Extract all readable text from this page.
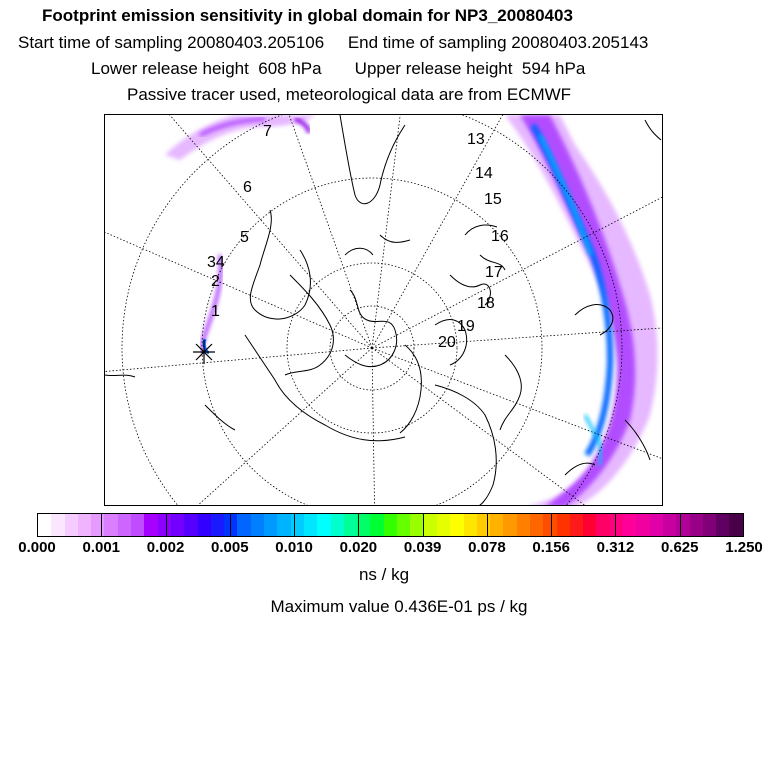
Footprint emission sensitivity in global domain for NP3_20080403
Start time of sampling 20080403.205106     End time of sampling 20080403.205143
Lower release height  608 hPa       Upper release height  594 hPa
Passive tracer used, meteorological data are from ECMWF
1
2
34
5
6
7	13
14
15
16
17
18
19
20
0.000 0.001 0.002 0.005 0.010 0.020 0.039 0.078 0.156 0.312 0.625 1.250
ns / kg
Maximum value 0.436E-01 ps / kg
